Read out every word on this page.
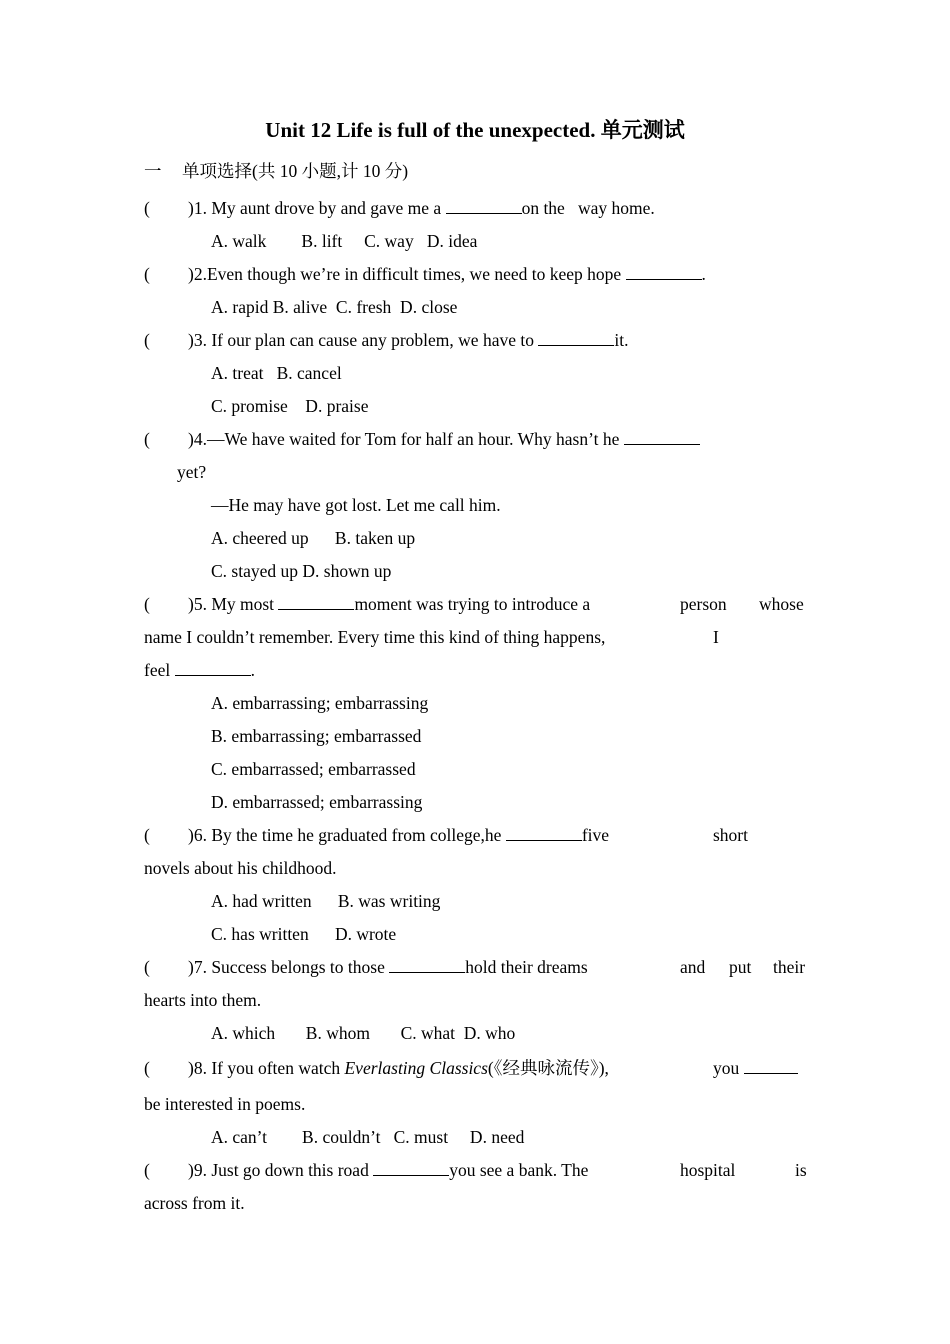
Unit 12 Life is full of the unexpected. 单元测试
一 单项选择(共 10 小题,计 10 分)
( )1. My aunt drove by and gave me a	on the way home.
A. walk        B. lift     C. way   D. idea
( )2.Even though we’re in difficult times, we need to keep hope	.
A. rapid B. alive  C. fresh  D. close
( )3. If our plan can cause any problem, we have to	it.
A. treat   B. cancel
C. promise    D. praise
( )4.—We have waited for Tom for half an hour. Why hasn’t he
yet?
—He may have got lost. Let me call him.
A. cheered up      B. taken up
C. stayed up D. shown up
( )5. My most	moment was trying to introduce a	person whose
name I couldn’t remember. Every time this kind of thing happens,	I
feel	.
A. embarrassing; embarrassing
B. embarrassing; embarrassed
C. embarrassed; embarrassed
D. embarrassed; embarrassing
( )6. By the time he graduated from college,he	five	short
novels about his childhood.
A. had written      B. was writing
C. has written      D. wrote
( )7. Success belongs to those	hold their dreams	and put their
hearts into them.
A. which       B. whom       C. what  D. who
( )8. If you often watch Everlasting Classics(《经典咏流传》),	you
be interested in poems.
A. can’t        B. couldn’t   C. must     D. need
( )9. Just go down this road	you see a bank. The	hospital	is
across from it.
